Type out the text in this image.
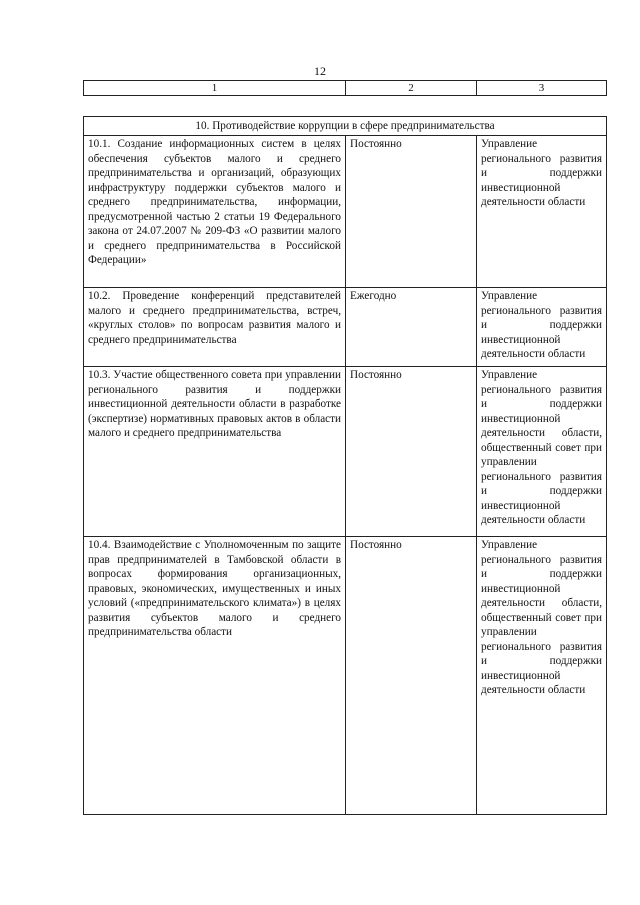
12
1	2	3
10. Противодействие коррупции в сфере предпринимательства		

10.1. Создание информационных систем в целях обеспечения субъектов малого и среднего предпринимательства и организаций, образующих инфраструктуру поддержки субъектов малого и среднего предпринимательства, информации, предусмотренной частью 2 статьи 19 Федерального закона от 24.07.2007 № 209-ФЗ «О развитии малого и среднего предпринимательства в Российской Федерации»	Постоянно	Управление регионального развития и поддержки инвестиционной деятельности области

10.2. Проведение конференций представителей малого и среднего предпринимательства, встреч, «круглых столов» по вопросам развития малого и среднего предпринимательства	Ежегодно	Управление регионального развития и поддержки инвестиционной деятельности области

10.3. Участие общественного совета при управлении регионального развития и поддержки инвестиционной деятельности области в разработке (экспертизе) нормативных правовых актов в области малого и среднего предпринимательства	Постоянно	Управление регионального развития и поддержки инвестиционной деятельности области, общественный совет при управлении регионального развития и поддержки инвестиционной деятельности области

10.4. Взаимодействие с Уполномоченным по защите прав предпринимателей в Тамбовской области в вопросах формирования организационных, правовых, экономических, имущественных и иных условий («предпринимательского климата») в целях развития субъектов малого и среднего предпринимательства области	Постоянно	Управление регионального развития и поддержки инвестиционной деятельности области, общественный совет при управлении регионального развития и поддержки инвестиционной деятельности области
